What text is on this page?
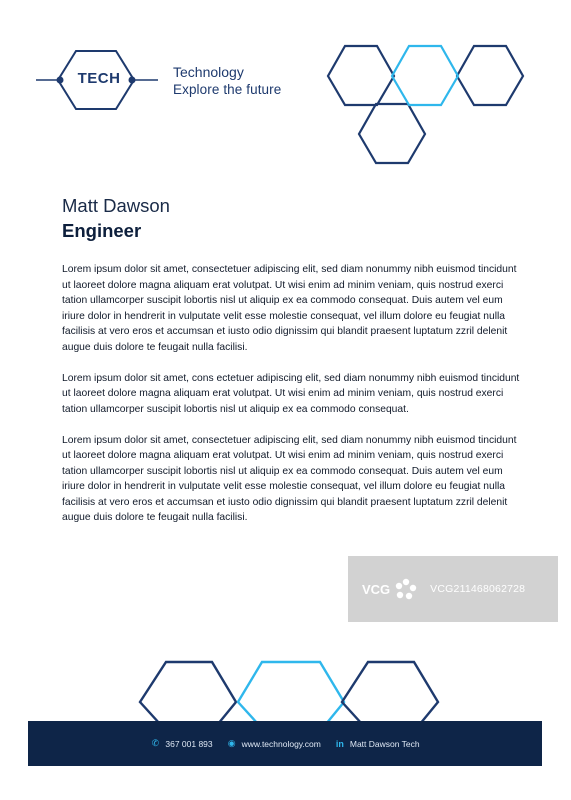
TECH	Technology
Explore the future
Matt Dawson
Engineer

Lorem ipsum dolor sit amet, consectetuer adipiscing elit, sed diam nonummy nibh euismod tincidunt ut laoreet dolore magna aliquam erat volutpat. Ut wisi enim ad minim veniam, quis nostrud exerci tation ullamcorper suscipit lobortis nisl ut aliquip ex ea commodo consequat. Duis autem vel eum iriure dolor in hendrerit in vulputate velit esse molestie consequat, vel illum dolore eu feugiat nulla facilisis at vero eros et accumsan et iusto odio dignissim qui blandit praesent luptatum zzril delenit augue duis dolore te feugait nulla facilisi.

Lorem ipsum dolor sit amet, cons ectetuer adipiscing elit, sed diam nonummy nibh euismod tincidunt ut laoreet dolore magna aliquam erat volutpat. Ut wisi enim ad minim veniam, quis nostrud exerci tation ullamcorper suscipit lobortis nisl ut aliquip ex ea commodo consequat.

Lorem ipsum dolor sit amet, consectetuer adipiscing elit, sed diam nonummy nibh euismod tincidunt ut laoreet dolore magna aliquam erat volutpat. Ut wisi enim ad minim veniam, quis nostrud exerci tation ullamcorper suscipit lobortis nisl ut aliquip ex ea commodo consequat. Duis autem vel eum iriure dolor in hendrerit in vulputate velit esse molestie consequat, vel illum dolore eu feugiat nulla facilisis at vero eros et accumsan et iusto odio dignissim qui blandit praesent luptatum zzril delenit augue duis dolore te feugait nulla facilisi.

VCG	VCG211468062728
✆ 367 001 893 ◉ www.technology.com in Matt Dawson Tech
